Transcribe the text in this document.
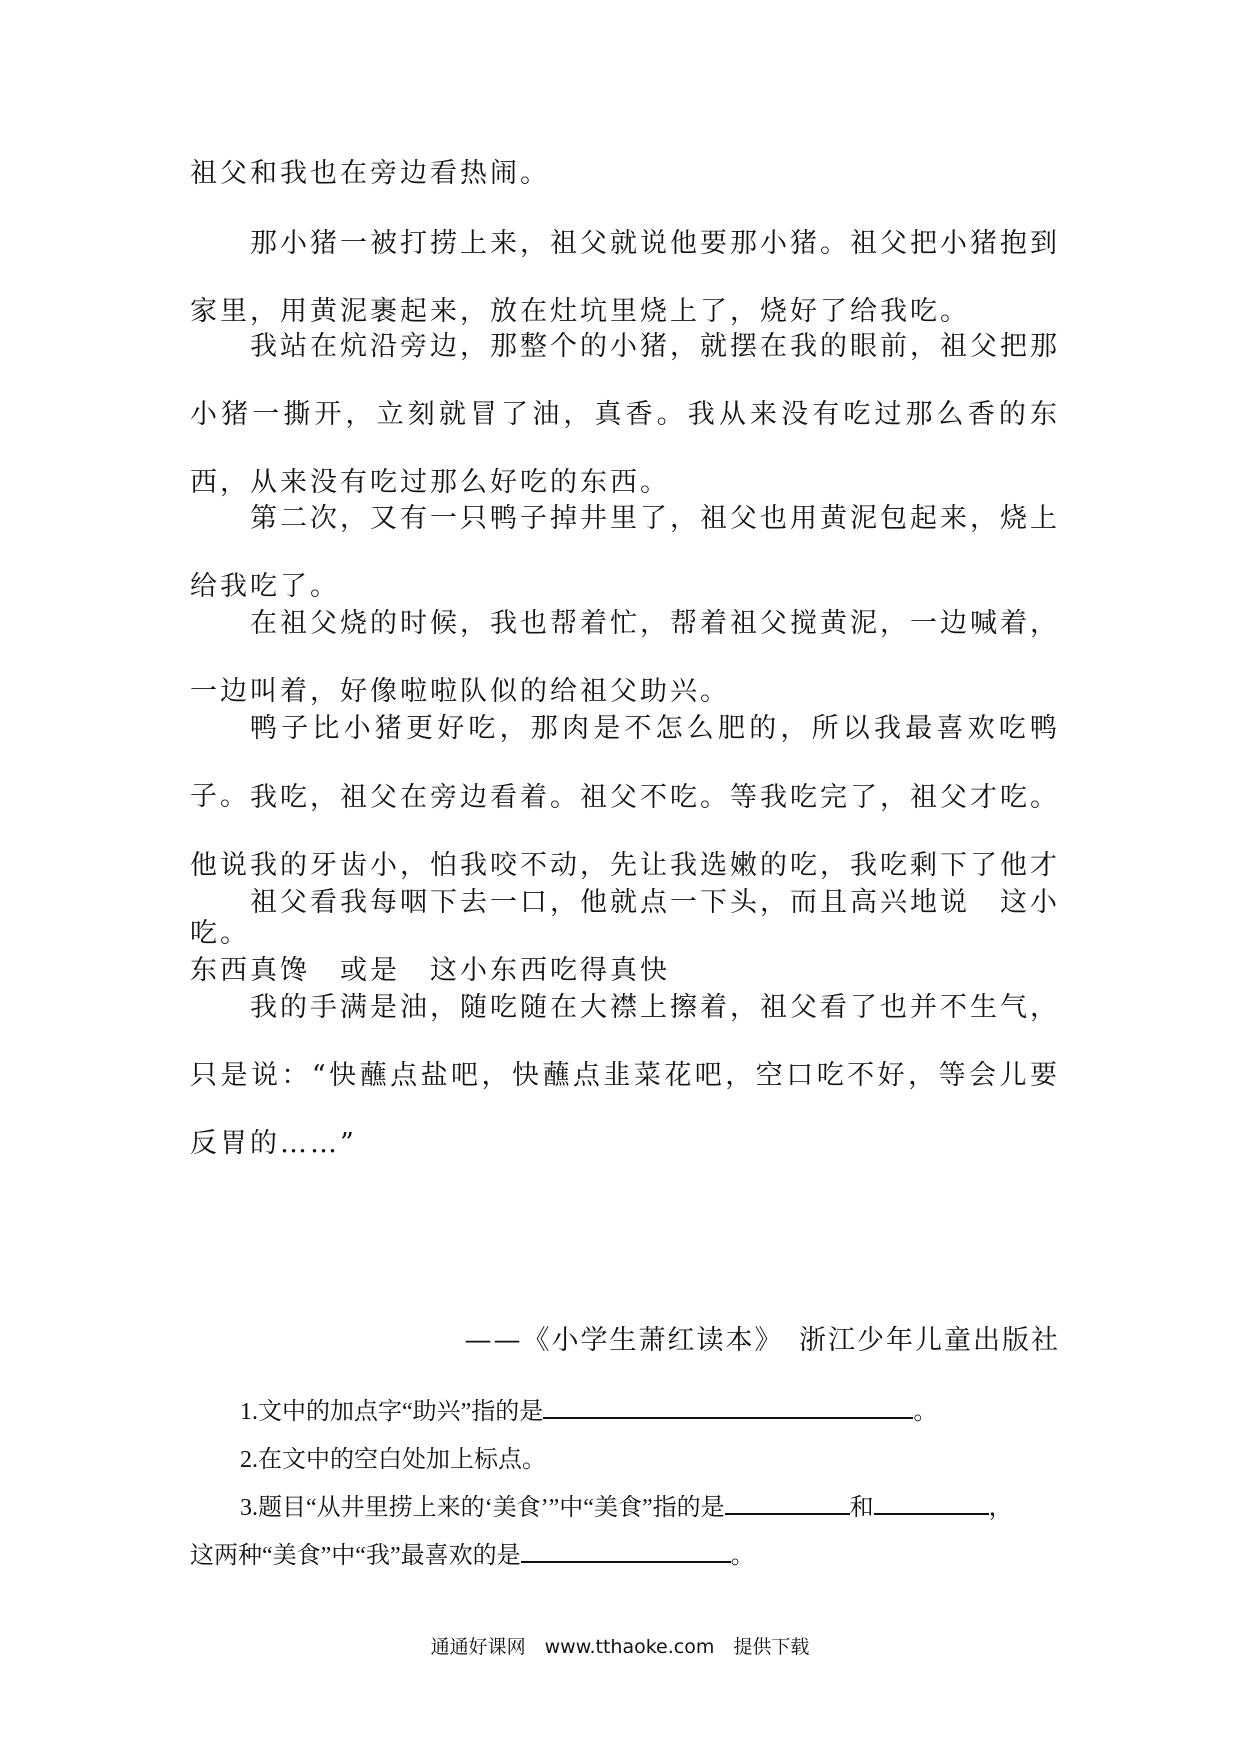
祖父和我也在旁边看热闹。

那小猪一被打捞上来，祖父就说他要那小猪。祖父把小猪抱到家里，用黄泥裹起来，放在灶坑里烧上了，烧好了给我吃。

我站在炕沿旁边，那整个的小猪，就摆在我的眼前，祖父把那小猪一撕开，立刻就冒了油，真香。我从来没有吃过那么香的东西，从来没有吃过那么好吃的东西。

第二次，又有一只鸭子掉井里了，祖父也用黄泥包起来，烧上给我吃了。

在祖父烧的时候，我也帮着忙，帮着祖父搅黄泥，一边喊着，一边叫着，好像啦啦队似的给祖父助兴。

鸭子比小猪更好吃，那肉是不怎么肥的，所以我最喜欢吃鸭子。 我吃，祖父在旁边看着。祖父不吃。等我吃完了，祖父才吃。他说我的牙齿小，怕我咬不动，先让我选嫩的吃，我吃剩下了他才吃。

祖父看我每咽下去一口，他就点一下头，而且高兴地说　这小东西真馋　或是　这小东西吃得真快

我的手满是油，随吃随在大襟上擦着，祖父看了也并不生气，只是说：“快蘸点盐吧，快蘸点韭菜花吧，空口吃不好，等会儿要反胃的……”

——《小学生萧红读本》　浙江少年儿童出版社
1.文中的加点字“助兴”指的是	。
2.在文中的空白处加上标点。
3.题目“从井里捞上来的‘美食’”中“美食”指的是	和	，
这两种“美食”中“我”最喜欢的是	。
通通好课网　www.tthaoke.com　提供下载
